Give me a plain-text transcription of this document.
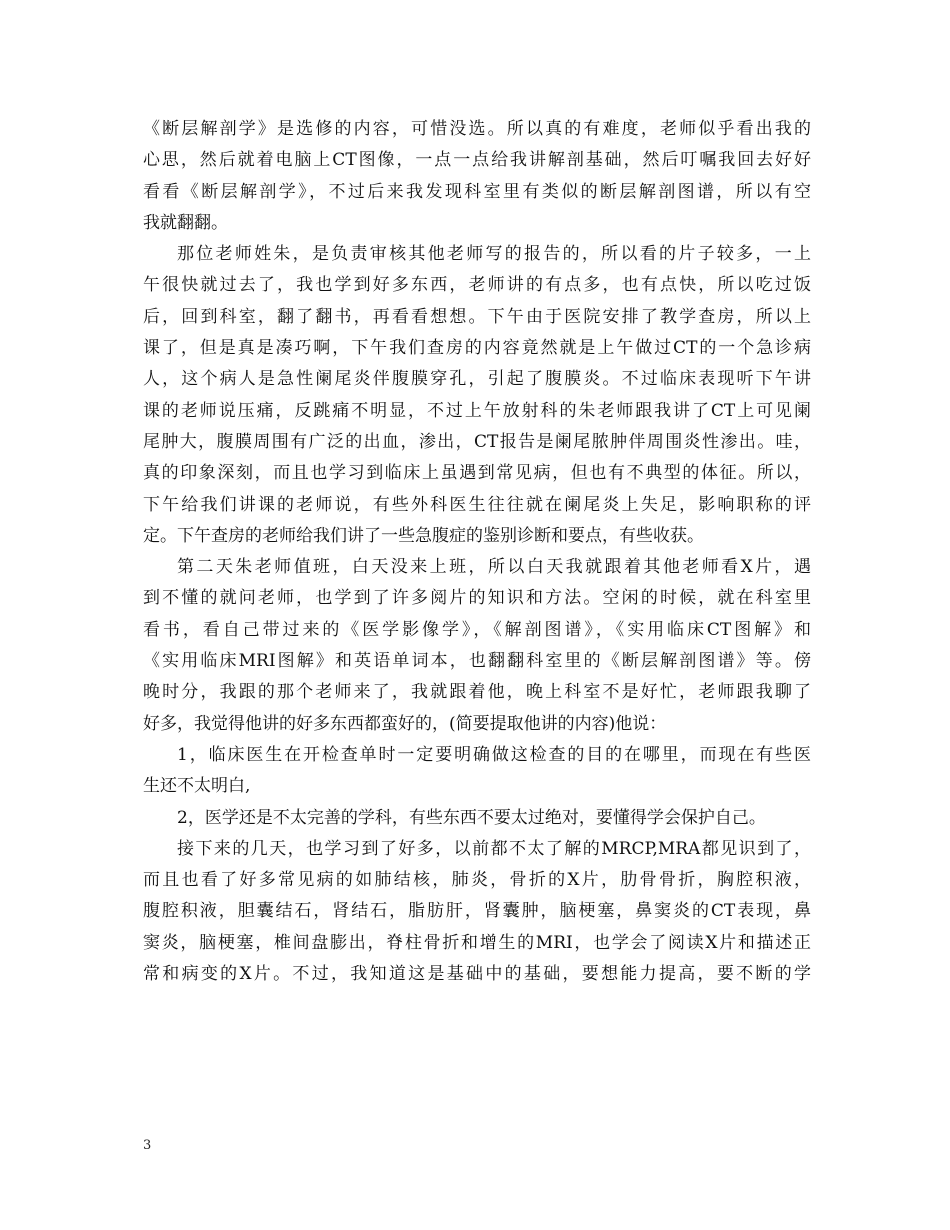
《断层解剖学》是选修的内容，可惜没选。所以真的有难度，老师似乎看出我的
心思，然后就着电脑上CT图像，一点一点给我讲解剖基础，然后叮嘱我回去好好
看看《断层解剖学》，不过后来我发现科室里有类似的断层解剖图谱，所以有空
我就翻翻。
那位老师姓朱，是负责审核其他老师写的报告的，所以看的片子较多，一上
午很快就过去了，我也学到好多东西，老师讲的有点多，也有点快，所以吃过饭
后，回到科室，翻了翻书，再看看想想。下午由于医院安排了教学查房，所以上
课了，但是真是凑巧啊，下午我们查房的内容竟然就是上午做过CT的一个急诊病
人，这个病人是急性阑尾炎伴腹膜穿孔，引起了腹膜炎。不过临床表现听下午讲
课的老师说压痛，反跳痛不明显，不过上午放射科的朱老师跟我讲了CT上可见阑
尾肿大，腹膜周围有广泛的出血，渗出，CT报告是阑尾脓肿伴周围炎性渗出。哇，
真的印象深刻，而且也学习到临床上虽遇到常见病，但也有不典型的体征。所以，
下午给我们讲课的老师说，有些外科医生往往就在阑尾炎上失足，影响职称的评
定。下午查房的老师给我们讲了一些急腹症的鉴别诊断和要点，有些收获。
第二天朱老师值班，白天没来上班，所以白天我就跟着其他老师看X片，遇
到不懂的就问老师，也学到了许多阅片的知识和方法。空闲的时候，就在科室里
看书，看自己带过来的《医学影像学》，《解剖图谱》，《实用临床CT图解》和
《实用临床MRI图解》和英语单词本，也翻翻科室里的《断层解剖图谱》等。傍
晚时分，我跟的那个老师来了，我就跟着他，晚上科室不是好忙，老师跟我聊了
好多，我觉得他讲的好多东西都蛮好的，(简要提取他讲的内容)他说：
1，临床医生在开检查单时一定要明确做这检查的目的在哪里，而现在有些医
生还不太明白,
2，医学还是不太完善的学科，有些东西不要太过绝对，要懂得学会保护自己。
接下来的几天，也学习到了好多，以前都不太了解的MRCP,MRA都见识到了，
而且也看了好多常见病的如肺结核，肺炎，骨折的X片，肋骨骨折，胸腔积液，
腹腔积液，胆囊结石，肾结石，脂肪肝，肾囊肿，脑梗塞，鼻窦炎的CT表现，鼻
窦炎，脑梗塞，椎间盘膨出，脊柱骨折和增生的MRI，也学会了阅读X片和描述正
常和病变的X片。不过，我知道这是基础中的基础，要想能力提高，要不断的学
3
